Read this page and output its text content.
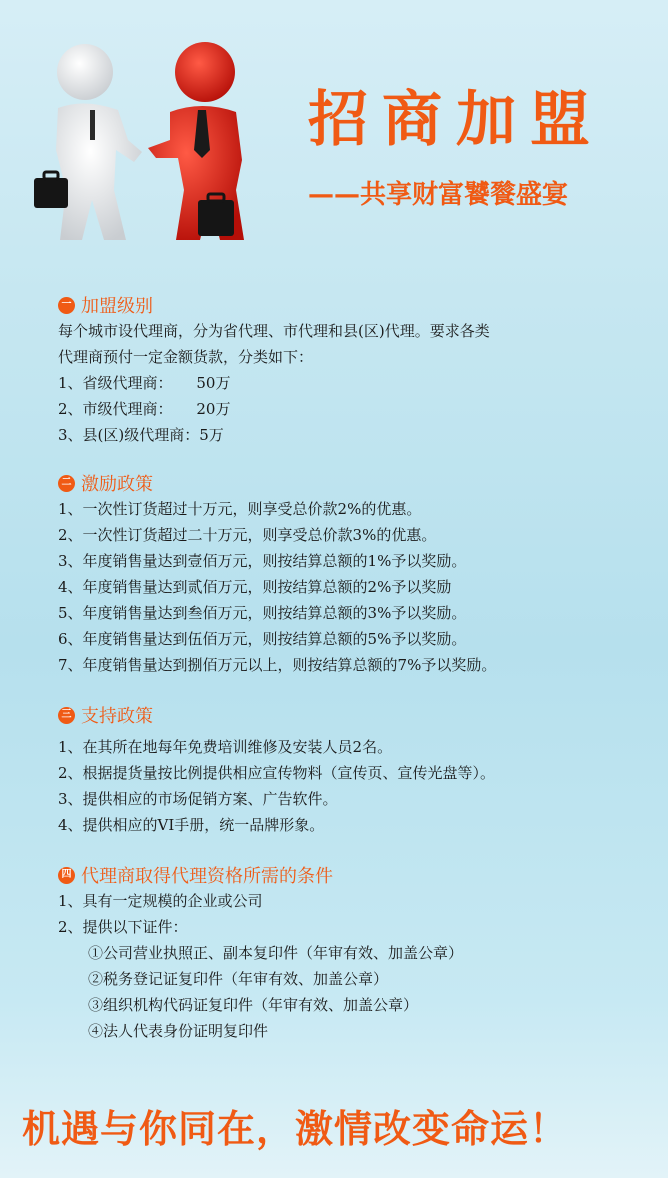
招商加盟
——共享财富饕餮盛宴
一 加盟级别
每个城市设代理商，分为省代理、市代理和县(区)代理。要求各类
代理商预付一定金额货款，分类如下：
1、省级代理商：     50万
2、市级代理商：     20万
3、县(区)级代理商：5万
二 激励政策
1、一次性订货超过十万元，则享受总价款2%的优惠。
2、一次性订货超过二十万元，则享受总价款3%的优惠。
3、年度销售量达到壹佰万元，则按结算总额的1%予以奖励。
4、年度销售量达到贰佰万元，则按结算总额的2%予以奖励
5、年度销售量达到叁佰万元，则按结算总额的3%予以奖励。
6、年度销售量达到伍佰万元，则按结算总额的5%予以奖励。
7、年度销售量达到捌佰万元以上，则按结算总额的7%予以奖励。
三 支持政策
1、在其所在地每年免费培训维修及安装人员2名。
2、根据提货量按比例提供相应宣传物料（宣传页、宣传光盘等）。
3、提供相应的市场促销方案、广告软件。
4、提供相应的VI手册，统一品牌形象。
四 代理商取得代理资格所需的条件
1、具有一定规模的企业或公司
2、提供以下证件：
①公司营业执照正、副本复印件（年审有效、加盖公章）
②税务登记证复印件（年审有效、加盖公章）
③组织机构代码证复印件（年审有效、加盖公章）
④法人代表身份证明复印件
机遇与你同在，激情改变命运！
